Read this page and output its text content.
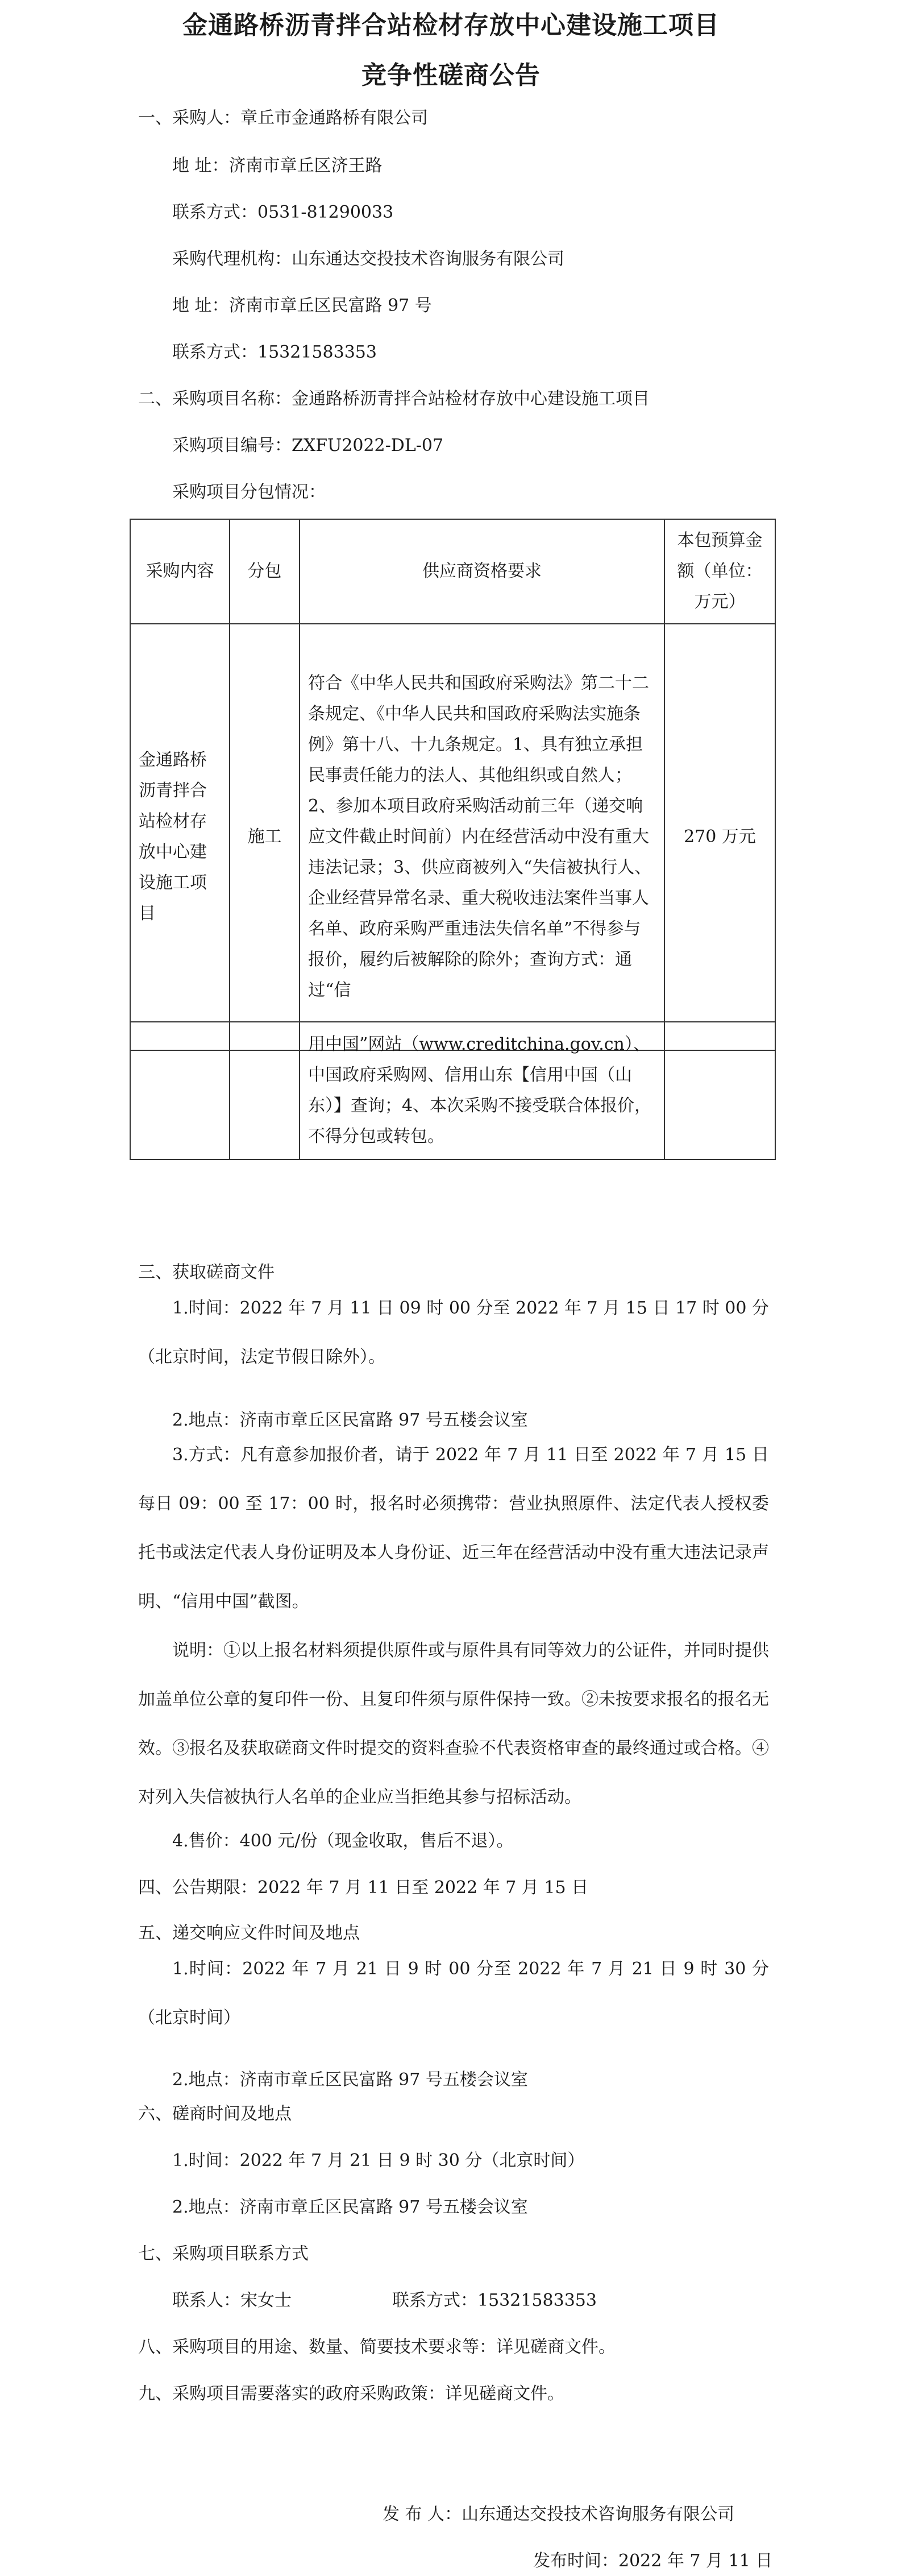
金通路桥沥青拌合站检材存放中心建设施工项目
竞争性磋商公告
一、采购人：章丘市金通路桥有限公司
地 址：济南市章丘区济王路
联系方式：0531-81290033
采购代理机构：山东通达交投技术咨询服务有限公司
地 址：济南市章丘区民富路 97 号
联系方式：15321583353
二、采购项目名称：金通路桥沥青拌合站检材存放中心建设施工项目
采购项目编号：ZXFU2022-DL-07
采购项目分包情况：
采购内容	分包	供应商资格要求	本包预算金额（单位：万元）
金通路桥沥青拌合站检材存放中心建设施工项目	施工	符合《中华人民共和国政府采购法》第二十二条规定、《中华人民共和国政府采购法实施条例》第十八、十九条规定。1、具有独立承担民事责任能力的法人、其他组织或自然人；2、参加本项目政府采购活动前三年（递交响应文件截止时间前）内在经营活动中没有重大违法记录；3、供应商被列入“失信被执行人、企业经营异常名录、重大税收违法案件当事人名单、政府采购严重违法失信名单”不得参与报价，履约后被解除的除外；查询方式：通过“信	270 万元
		用中国”网站（www.creditchina.gov.cn）、中国政府采购网、信用山东【信用中国（山东）】查询；4、本次采购不接受联合体报价，不得分包或转包。	
三、获取磋商文件

1.时间：2022 年 7 月 11 日 09 时 00 分至 2022 年 7 月 15 日 17 时 00 分（北京时间，法定节假日除外）。

2.地点：济南市章丘区民富路 97 号五楼会议室

3.方式：凡有意参加报价者，请于 2022 年 7 月 11 日至 2022 年 7 月 15 日每日 09：00 至 17：00 时，报名时必须携带：营业执照原件、法定代表人授权委托书或法定代表人身份证明及本人身份证、近三年在经营活动中没有重大违法记录声明、“信用中国”截图。

说明：①以上报名材料须提供原件或与原件具有同等效力的公证件，并同时提供加盖单位公章的复印件一份、且复印件须与原件保持一致。②未按要求报名的报名无效。③报名及获取磋商文件时提交的资料查验不代表资格审查的最终通过或合格。④对列入失信被执行人名单的企业应当拒绝其参与招标活动。

4.售价：400 元/份（现金收取，售后不退）。
四、公告期限：2022 年 7 月 11 日至 2022 年 7 月 15 日
五、递交响应文件时间及地点

1.时间：2022 年 7 月 21 日 9 时 00 分至 2022 年 7 月 21 日 9 时 30 分（北京时间）

2.地点：济南市章丘区民富路 97 号五楼会议室
六、磋商时间及地点
1.时间：2022 年 7 月 21 日 9 时 30 分（北京时间）
2.地点：济南市章丘区民富路 97 号五楼会议室
七、采购项目联系方式
联系人：宋女士	联系方式：15321583353
八、采购项目的用途、数量、简要技术要求等：详见磋商文件。
九、采购项目需要落实的政府采购政策：详见磋商文件。
发 布 人：山东通达交投技术咨询服务有限公司
发布时间：2022 年 7 月 11 日
